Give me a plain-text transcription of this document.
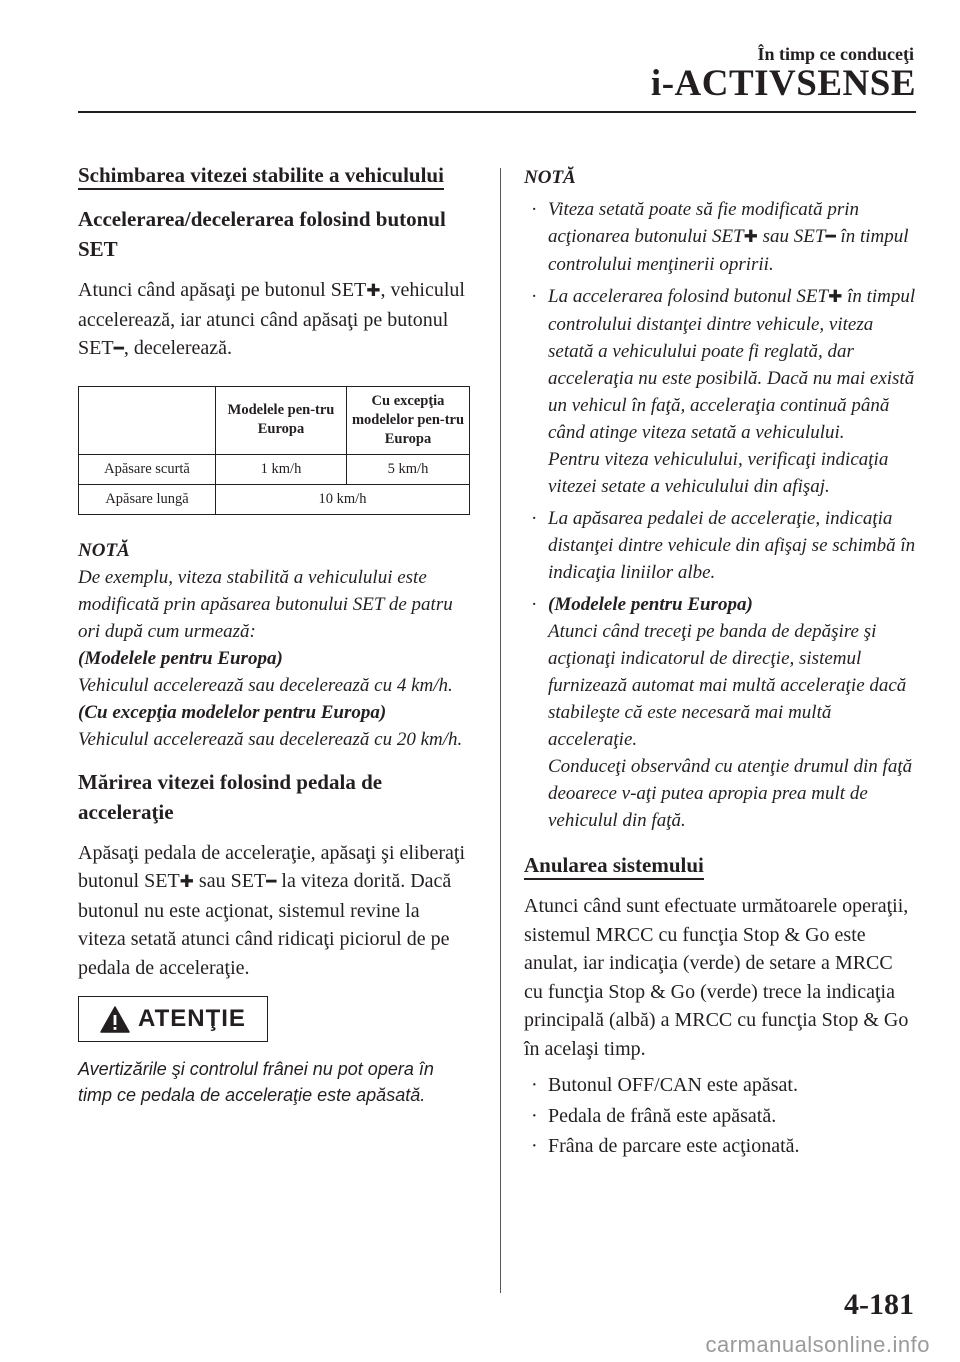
În timp ce conduceţi
i-ACTIVSENSE

Schimbarea vitezei stabilite a vehiculului

Accelerarea/decelerarea folosind butonul SET

Atunci când apăsaţi pe butonul SET✚, vehiculul accelerează, iar atunci când apăsaţi pe butonul SET━, decelerează.

	Modelele pen-tru Europa	Cu excepţia modelelor pen-tru Europa
Apăsare scurtă	1 km/h	5 km/h
Apăsare lungă	10 km/h	

NOTĂ

De exemplu, viteza stabilită a vehiculului este modificată prin apăsarea butonului SET de patru ori după cum urmează:

(Modelele pentru Europa)

Vehiculul accelerează sau decelerează cu 4 km/h.

(Cu excepţia modelelor pentru Europa)

Vehiculul accelerează sau decelerează cu 20 km/h.

Mărirea vitezei folosind pedala de acceleraţie

Apăsaţi pedala de acceleraţie, apăsaţi şi eliberaţi butonul SET✚ sau SET━ la viteza dorită. Dacă butonul nu este acţionat, sistemul revine la viteza setată atunci când ridicaţi piciorul de pe pedala de acceleraţie.

ATENŢIE

Avertizările şi controlul frânei nu pot opera în timp ce pedala de acceleraţie este apăsată.

NOTĂ

· Viteza setată poate să fie modificată prin acţionarea butonului SET✚ sau SET━ în timpul controlului menţinerii opririi.
· La accelerarea folosind butonul SET✚ în timpul controlului distanţei dintre vehicule, viteza setată a vehiculului poate fi reglată, dar acceleraţia nu este posibilă. Dacă nu mai există un vehicul în faţă, acceleraţia continuă până când atinge viteza setată a vehiculului.
Pentru viteza vehiculului, verificaţi indicaţia vitezei setate a vehiculului din afişaj.
· La apăsarea pedalei de acceleraţie, indicaţia distanţei dintre vehicule din afişaj se schimbă în indicaţia liniilor albe.
· (Modelele pentru Europa)
Atunci când treceţi pe banda de depăşire şi acţionaţi indicatorul de direcţie, sistemul furnizează automat mai multă acceleraţie dacă stabileşte că este necesară mai multă acceleraţie.
Conduceţi observând cu atenţie drumul din faţă deoarece v-aţi putea apropia prea mult de vehiculul din faţă.

Anularea sistemului

Atunci când sunt efectuate următoarele operaţii, sistemul MRCC cu funcţia Stop & Go este anulat, iar indicaţia (verde) de setare a MRCC cu funcţia Stop & Go (verde) trece la indicaţia principală (albă) a MRCC cu funcţia Stop & Go în acelaşi timp.

· Butonul OFF/CAN este apăsat.
· Pedala de frână este apăsată.
· Frâna de parcare este acţionată.
4-181
carmanualsonline.info
